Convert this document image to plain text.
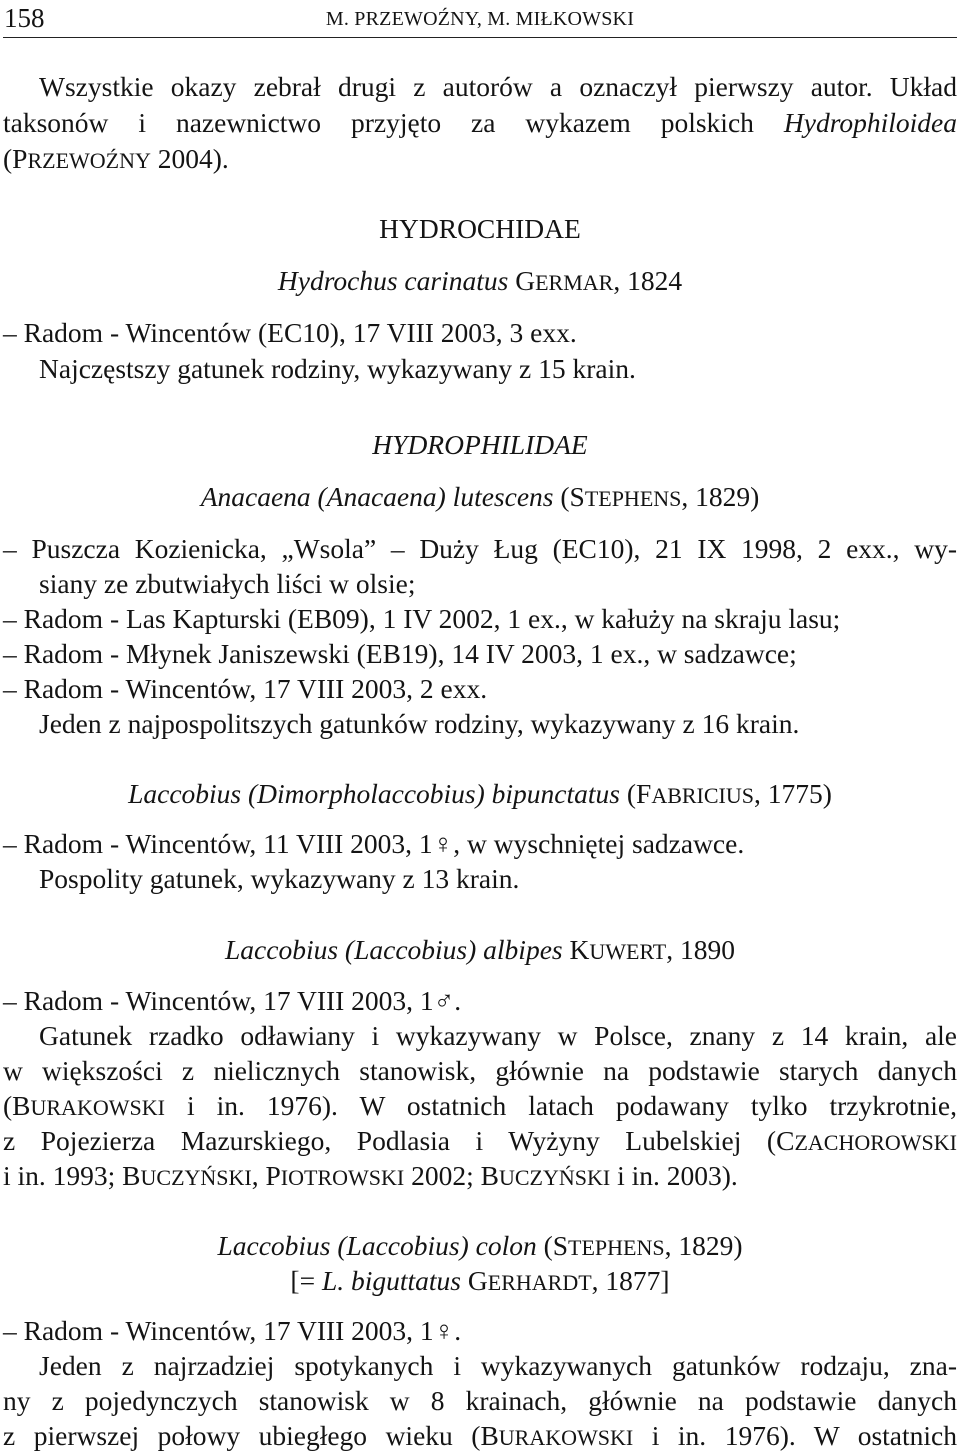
158	M. PRZEWOŹNY, M. MIŁKOWSKI
Wszystkie okazy zebrał drugi z autorów a oznaczył pierwszy autor. Układ
taksonów i nazewnictwo przyjęto za wykazem polskich Hydrophiloidea
(PRZEWOŹNY 2004).
HYDROCHIDAE
Hydrochus carinatus GERMAR, 1824
– Radom - Wincentów (EC10), 17 VIII 2003, 3 exx.
Najczęstszy gatunek rodziny, wykazywany z 15 krain.
HYDROPHILIDAE
Anacaena (Anacaena) lutescens (STEPHENS, 1829)
– Puszcza Kozienicka, „Wsola” – Duży Ług (EC10), 21 IX 1998, 2 exx., wy-
siany ze zbutwiałych liści w olsie;
– Radom - Las Kapturski (EB09), 1 IV 2002, 1 ex., w kałuży na skraju lasu;
– Radom - Młynek Janiszewski (EB19), 14 IV 2003, 1 ex., w sadzawce;
– Radom - Wincentów, 17 VIII 2003, 2 exx.
Jeden z najpospolitszych gatunków rodziny, wykazywany z 16 krain.
Laccobius (Dimorpholaccobius) bipunctatus (FABRICIUS, 1775)
– Radom - Wincentów, 11 VIII 2003, 1♀, w wyschniętej sadzawce.
Pospolity gatunek, wykazywany z 13 krain.
Laccobius (Laccobius) albipes KUWERT, 1890
– Radom - Wincentów, 17 VIII 2003, 1♂.
Gatunek rzadko odławiany i wykazywany w Polsce, znany z 14 krain, ale
w większości z nielicznych stanowisk, głównie na podstawie starych danych
(BURAKOWSKI i in. 1976). W ostatnich latach podawany tylko trzykrotnie,
z Pojezierza Mazurskiego, Podlasia i Wyżyny Lubelskiej (CZACHOROWSKI
i in. 1993; BUCZYŃSKI, PIOTROWSKI 2002; BUCZYŃSKI i in. 2003).
Laccobius (Laccobius) colon (STEPHENS, 1829)
[= L. biguttatus GERHARDT, 1877]
– Radom - Wincentów, 17 VIII 2003, 1♀.
Jeden z najrzadziej spotykanych i wykazywanych gatunków rodzaju, zna-
ny z pojedynczych stanowisk w 8 krainach, głównie na podstawie danych
z pierwszej połowy ubiegłego wieku (BURAKOWSKI i in. 1976). W ostatnich
